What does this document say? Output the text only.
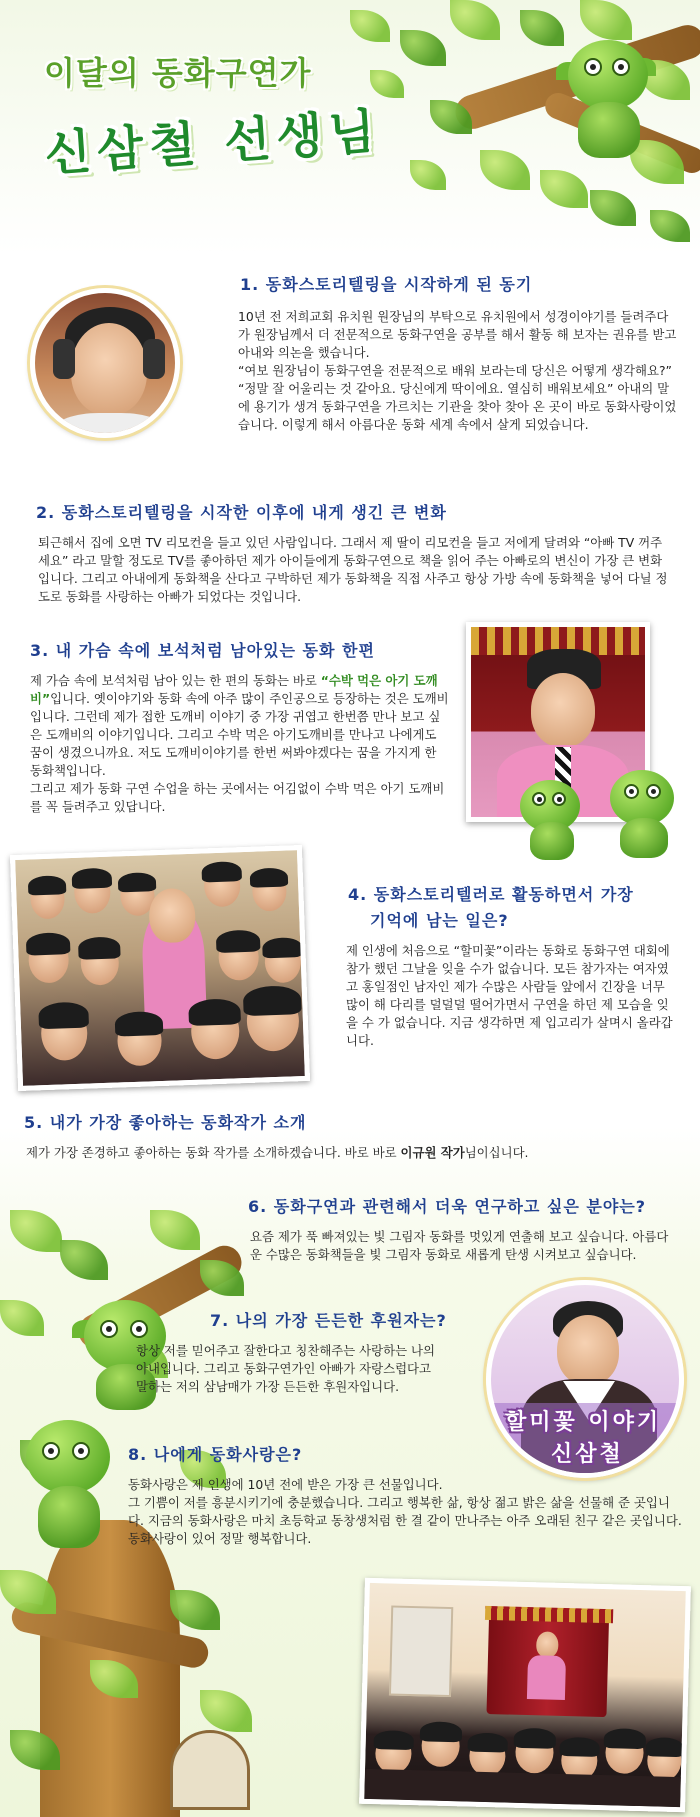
이달의 동화구연가
신삼철 선생님
1. 동화스토리텔링을 시작하게 된 동기

10년 전 저희교회 유치원 원장님의 부탁으로 유치원에서 성경이야기를 들려주다가 원장님께서 더 전문적으로 동화구연을 공부를 해서 활동 해 보자는 권유를 받고 아내와 의논을 했습니다.

“여보 원장님이 동화구연을 전문적으로 배워 보라는데 당신은 어떻게 생각해요?”

“정말 잘 어울리는 것 같아요. 당신에게 딱이에요. 열심히 배워보세요” 아내의 말에 용기가 생겨 동화구연을 가르치는 기관을 찾아 찾아 온 곳이 바로 동화사랑이었습니다. 이렇게 해서 아름다운 동화 세계 속에서 살게 되었습니다.

2. 동화스토리텔링을 시작한 이후에 내게 생긴 큰 변화

퇴근해서 집에 오면 TV 리모컨을 들고 있던 사람입니다. 그래서 제 딸이 리모컨을 들고 저에게 달려와 “아빠 TV 꺼주세요” 라고 말할 정도로 TV를 좋아하던 제가 아이들에게 동화구연으로 책을 읽어 주는 아빠로의 변신이 가장 큰 변화입니다. 그리고 아내에게 동화책을 산다고 구박하던 제가 동화책을 직접 사주고 항상 가방 속에 동화책을 넣어 다닐 정도로 동화를 사랑하는 아빠가 되었다는 것입니다.

3. 내 가슴 속에 보석처럼 남아있는 동화 한편

제 가슴 속에 보석처럼 남아 있는 한 편의 동화는 바로 “수박 먹은 아기 도깨비”입니다. 옛이야기와 동화 속에 아주 많이 주인공으로 등장하는 것은 도깨비입니다. 그런데 제가 접한 도깨비 이야기 중 가장 귀엽고 한번쯤 만나 보고 싶은 도깨비의 이야기입니다. 그리고 수박 먹은 아기도깨비를 만나고 나에게도 꿈이 생겼으니까요. 저도 도깨비이야기를 한번 써봐야겠다는 꿈을 가지게 한 동화책입니다.

그리고 제가 동화 구연 수업을 하는 곳에서는 어김없이 수박 먹은 아기 도깨비를 꼭 들려주고 있답니다.

4. 동화스토리텔러로 활동하면서 가장
기억에 남는 일은?

제 인생에 처음으로 “할미꽃”이라는 동화로 동화구연 대회에 참가 했던 그날을 잊을 수가 없습니다. 모든 참가자는 여자였고 홍일점인 남자인 제가 수많은 사람들 앞에서 긴장을 너무 많이 해 다리를 덜덜덜 떨어가면서 구연을 하던 제 모습을 잊을 수 가 없습니다. 지금 생각하면 제 입고리가 살며시 올라갑니다.

5. 내가 가장 좋아하는 동화작가 소개

제가 가장 존경하고 좋아하는 동화 작가를 소개하겠습니다. 바로 바로 이규원 작가님이십니다.

6. 동화구연과 관련해서 더욱 연구하고 싶은 분야는?

요즘 제가 푹 빠져있는 빛 그림자 동화를 멋있게 연출해 보고 싶습니다. 아름다운 수많은 동화책들을 빛 그림자 동화로 새롭게 탄생 시켜보고 싶습니다.

7. 나의 가장 든든한 후원자는?

항상 저를 믿어주고 잘한다고 칭찬해주는 사랑하는 나의 아내입니다. 그리고 동화구연가인 아빠가 자랑스럽다고 말하는 저의 삼남매가 가장 든든한 후원자입니다.

할미꽃 이야기
신삼철
8. 나에게 동화사랑은?

동화사랑은 제 인생에 10년 전에 받은 가장 큰 선물입니다.

그 기쁨이 저를 흥분시키기에 충분했습니다. 그리고 행복한 삶, 항상 젊고 밝은 삶을 선물해 준 곳입니다. 지금의 동화사랑은 마치 초등학교 동창생처럼 한 결 같이 만나주는 아주 오래된 친구 같은 곳입니다. 동화사랑이 있어 정말 행복합니다.
